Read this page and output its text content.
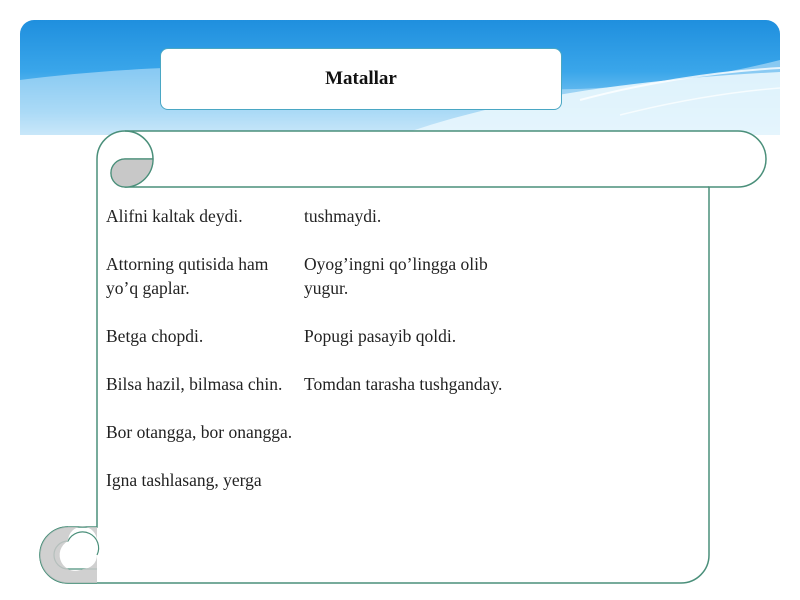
Matallar

Alifni kaltak deydi.

Attorning qutisida ham yo’q gaplar.

Betga chopdi.

Bilsa hazil, bilmasa chin.

Bor otangga, bor onangga.

Igna tashlasang, yerga

tushmaydi.

Oyog’ingni qo’lingga olib yugur.

Popugi pasayib qoldi.

Tomdan tarasha tushganday.
